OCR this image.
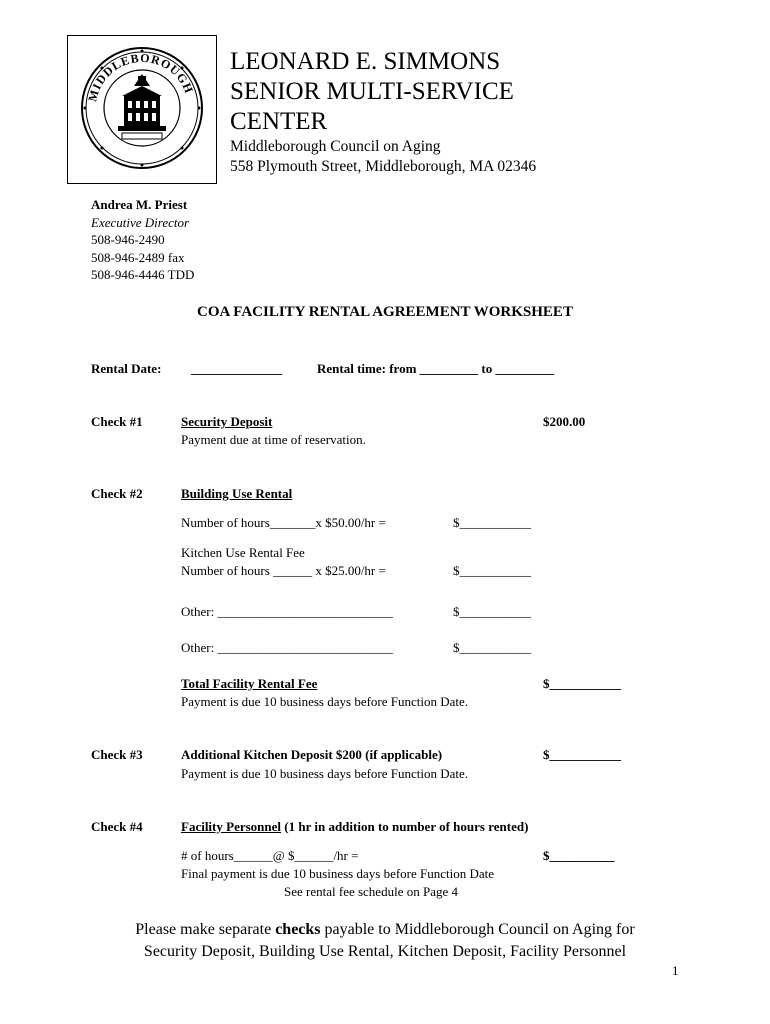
MIDDLEBOROUGH
LEONARD E. SIMMONS
SENIOR MULTI-SERVICE
CENTER
Middleborough Council on Aging
558 Plymouth Street, Middleborough, MA 02346
Andrea M. Priest
Executive Director
508-946-2490
508-946-2489 fax
508-946-4446 TDD
COA FACILITY RENTAL AGREEMENT WORKSHEET
Rental Date: ______________	Rental time: from _________ to _________
Check #1	Security Deposit	$200.00
Payment due at time of reservation.
Check #2	Building Use Rental
Number of hours_______x $50.00/hr =	$___________
Kitchen Use Rental Fee
Number of hours ______ x $25.00/hr =	$___________
Other: ___________________________	$___________
Other: ___________________________	$___________
Total Facility Rental Fee	$___________
Payment is due 10 business days before Function Date.
Check #3	Additional Kitchen Deposit $200 (if applicable)	$___________
Payment is due 10 business days before Function Date.
Check #4	Facility Personnel (1 hr in addition to number of hours rented)
# of hours______@ $______/hr =	$__________
Final payment is due 10 business days before Function Date
See rental fee schedule on Page 4
Please make separate checks payable to Middleborough Council on Aging for
Security Deposit, Building Use Rental, Kitchen Deposit, Facility Personnel
1
